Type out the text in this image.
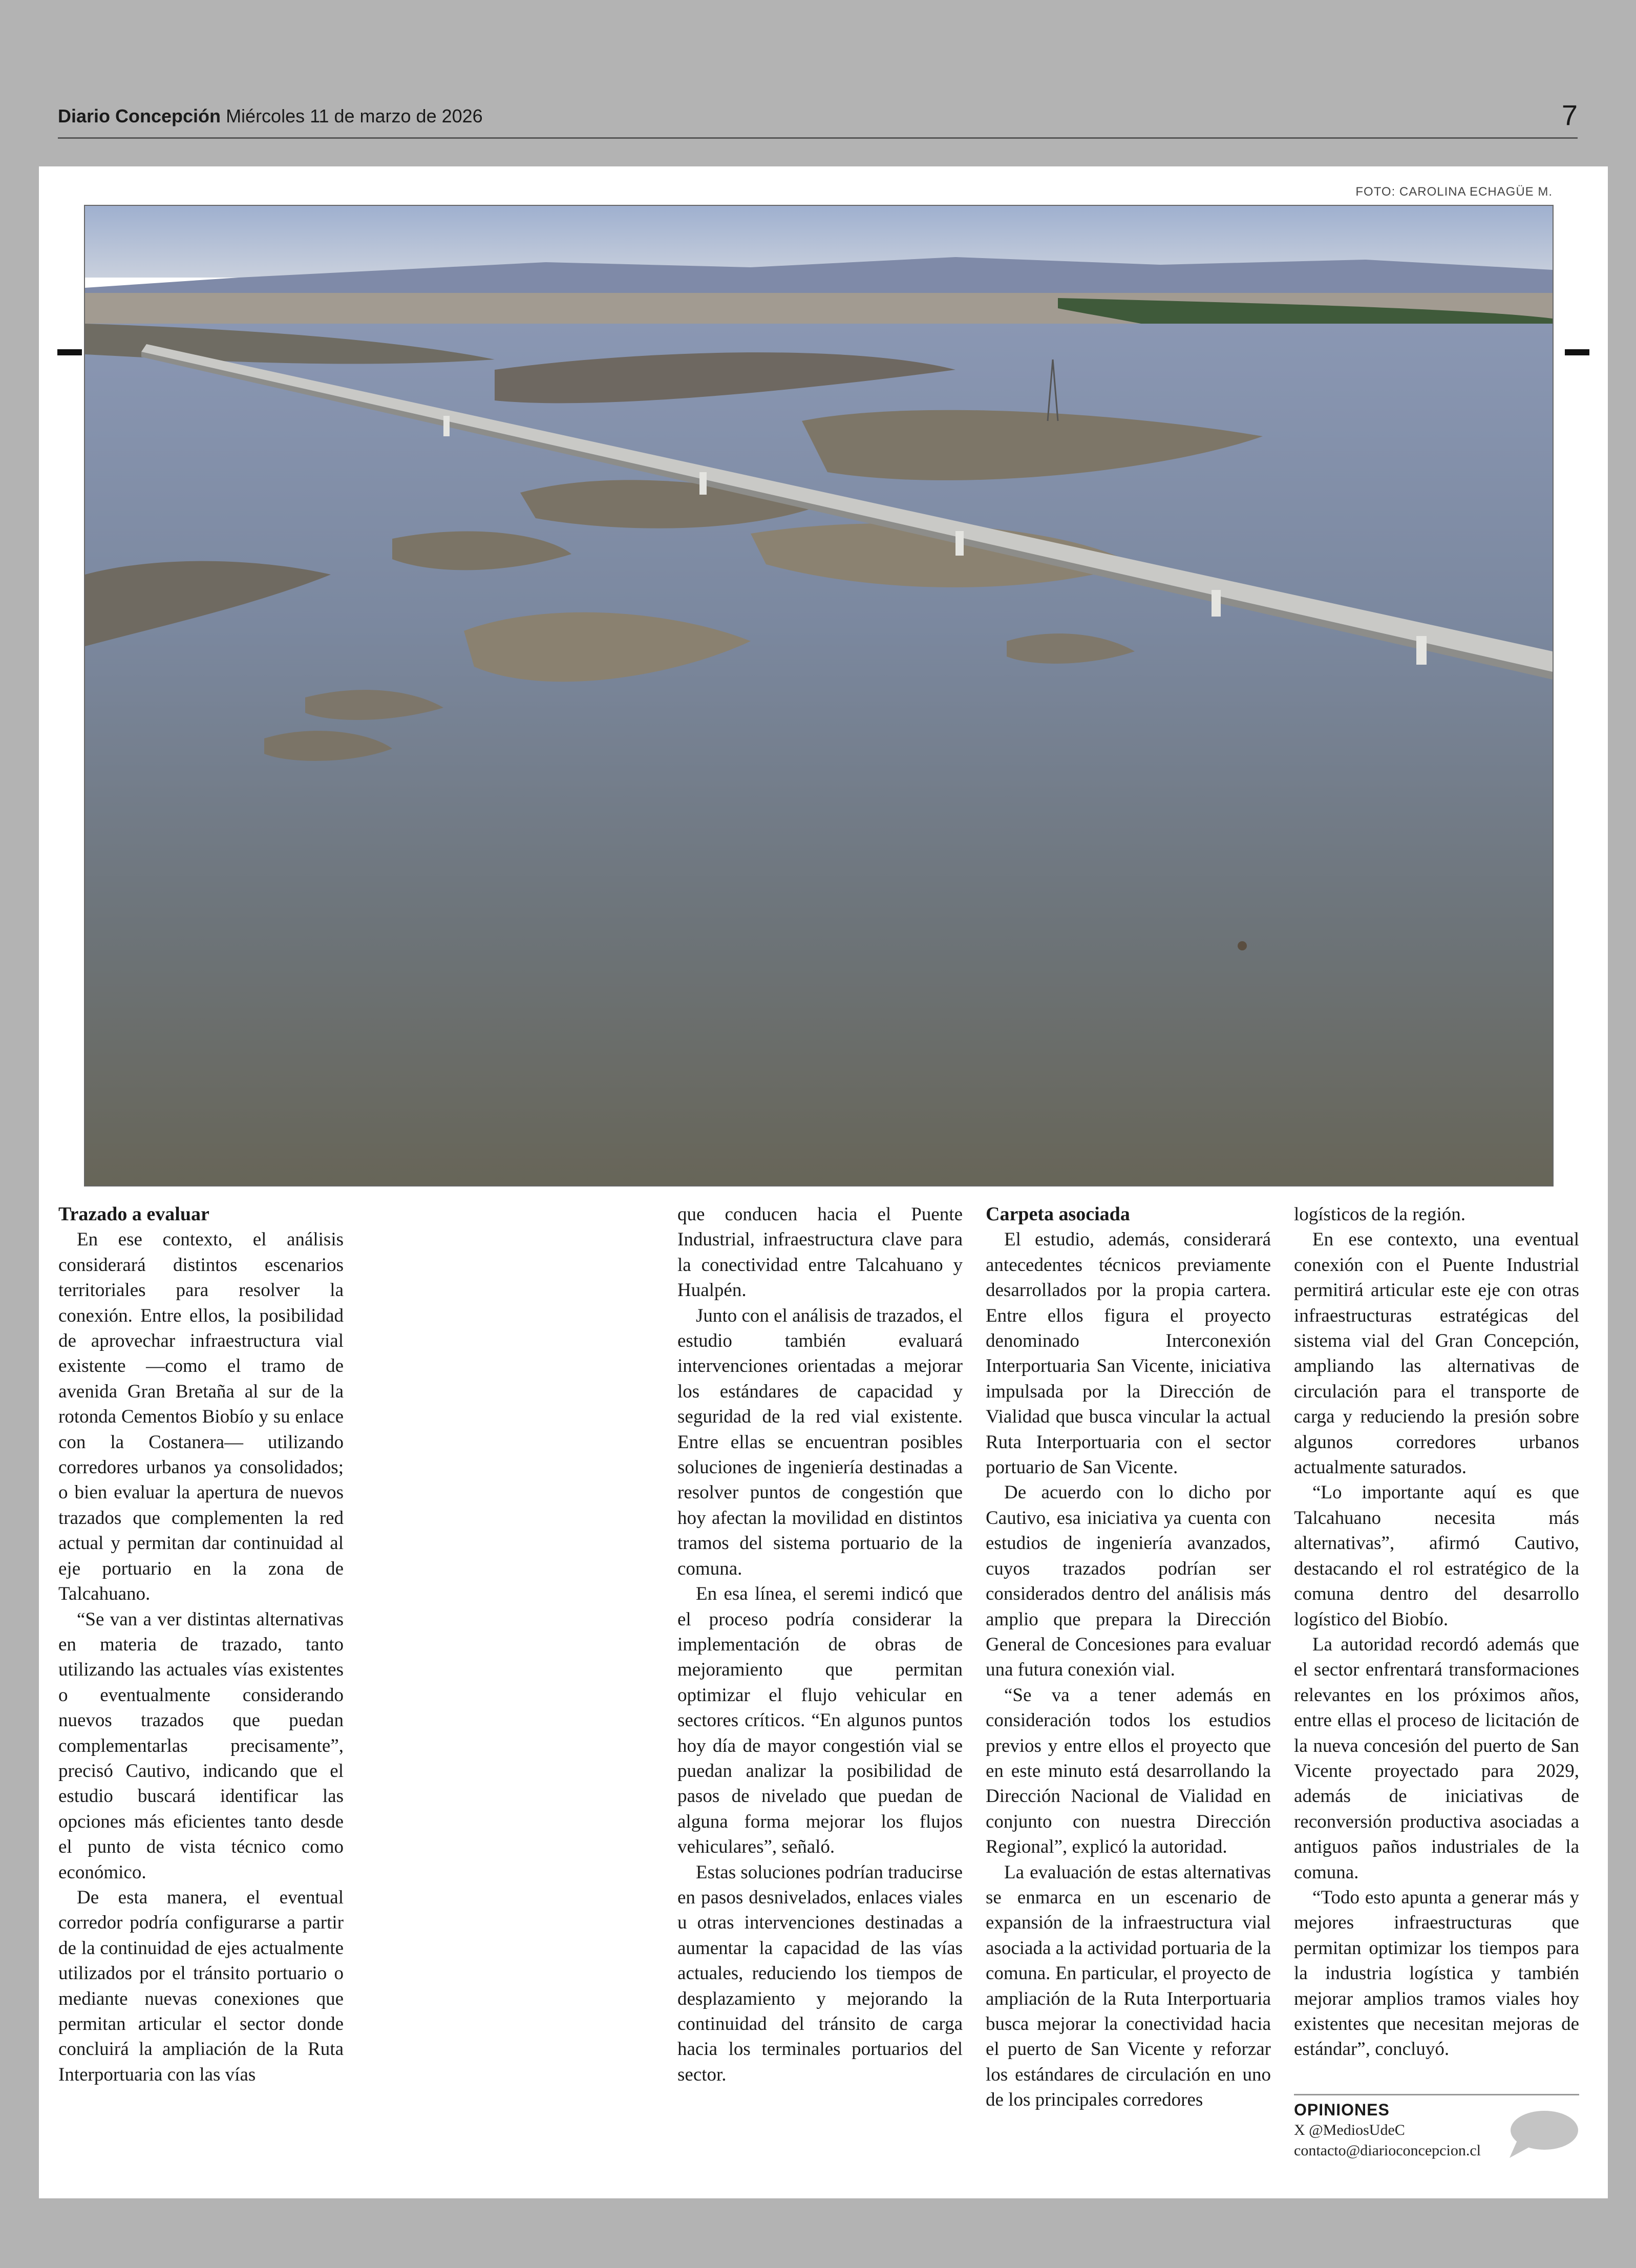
Diario Concepción Miércoles 11 de marzo de 2026	7
FOTO: CAROLINA ECHAGÜE M.
Trazado a evaluar

En ese contexto, el análisis considerará distintos escenarios territoriales para resolver la conexión. Entre ellos, la posibilidad de aprovechar infraestructura vial existente —como el tramo de avenida Gran Bretaña al sur de la rotonda Cementos Biobío y su enlace con la Costanera— utilizando corredores urbanos ya consolidados; o bien evaluar la apertura de nuevos trazados que complementen la red actual y permitan dar continuidad al eje portuario en la zona de Talcahuano.

“Se van a ver distintas alternativas en materia de trazado, tanto utilizando las actuales vías existentes o eventualmente considerando nuevos trazados que puedan complementarlas precisamente”, precisó Cautivo, indicando que el estudio buscará identificar las opciones más eficientes tanto desde el punto de vista técnico como económico.

De esta manera, el eventual corredor podría configurarse a partir de la continuidad de ejes actualmente utilizados por el tránsito portuario o mediante nuevas conexiones que permitan articular el sector donde concluirá la ampliación de la Ruta Interportuaria con las vías

que conducen hacia el Puente Industrial, infraestructura clave para la conectividad entre Talcahuano y Hualpén.

Junto con el análisis de trazados, el estudio también evaluará intervenciones orientadas a mejorar los estándares de capacidad y seguridad de la red vial existente. Entre ellas se encuentran posibles soluciones de ingeniería destinadas a resolver puntos de congestión que hoy afectan la movilidad en distintos tramos del sistema portuario de la comuna.

En esa línea, el seremi indicó que el proceso podría considerar la implementación de obras de mejoramiento que permitan optimizar el flujo vehicular en sectores críticos. “En algunos puntos hoy día de mayor congestión vial se puedan analizar la posibilidad de pasos de nivelado que puedan de alguna forma mejorar los flujos vehiculares”, señaló.

Estas soluciones podrían traducirse en pasos desnivelados, enlaces viales u otras intervenciones destinadas a aumentar la capacidad de las vías actuales, reduciendo los tiempos de desplazamiento y mejorando la continuidad del tránsito de carga hacia los terminales portuarios del sector.

Carpeta asociada

El estudio, además, considerará antecedentes técnicos previamente desarrollados por la propia cartera. Entre ellos figura el proyecto denominado Interconexión Interportuaria San Vicente, iniciativa impulsada por la Dirección de Vialidad que busca vincular la actual Ruta Interportuaria con el sector portuario de San Vicente.

De acuerdo con lo dicho por Cautivo, esa iniciativa ya cuenta con estudios de ingeniería avanzados, cuyos trazados podrían ser considerados dentro del análisis más amplio que prepara la Dirección General de Concesiones para evaluar una futura conexión vial.

“Se va a tener además en consideración todos los estudios previos y entre ellos el proyecto que en este minuto está desarrollando la Dirección Nacional de Vialidad en conjunto con nuestra Dirección Regional”, explicó la autoridad.

La evaluación de estas alternativas se enmarca en un escenario de expansión de la infraestructura vial asociada a la actividad portuaria de la comuna. En particular, el proyecto de ampliación de la Ruta Interportuaria busca mejorar la conectividad hacia el puerto de San Vicente y reforzar los estándares de circulación en uno de los principales corredores

logísticos de la región.

En ese contexto, una eventual conexión con el Puente Industrial permitirá articular este eje con otras infraestructuras estratégicas del sistema vial del Gran Concepción, ampliando las alternativas de circulación para el transporte de carga y reduciendo la presión sobre algunos corredores urbanos actualmente saturados.

“Lo importante aquí es que Talcahuano necesita más alternativas”, afirmó Cautivo, destacando el rol estratégico de la comuna dentro del desarrollo logístico del Biobío.

La autoridad recordó además que el sector enfrentará transformaciones relevantes en los próximos años, entre ellas el proceso de licitación de la nueva concesión del puerto de San Vicente proyectado para 2029, además de iniciativas de reconversión productiva asociadas a antiguos paños industriales de la comuna.

“Todo esto apunta a generar más y mejores infraestructuras que permitan optimizar los tiempos para la industria logística y también mejorar amplios tramos viales hoy existentes que necesitan mejoras de estándar”, concluyó.

OPINIONES
X @MediosUdeC
contacto@diarioconcepcion.cl
